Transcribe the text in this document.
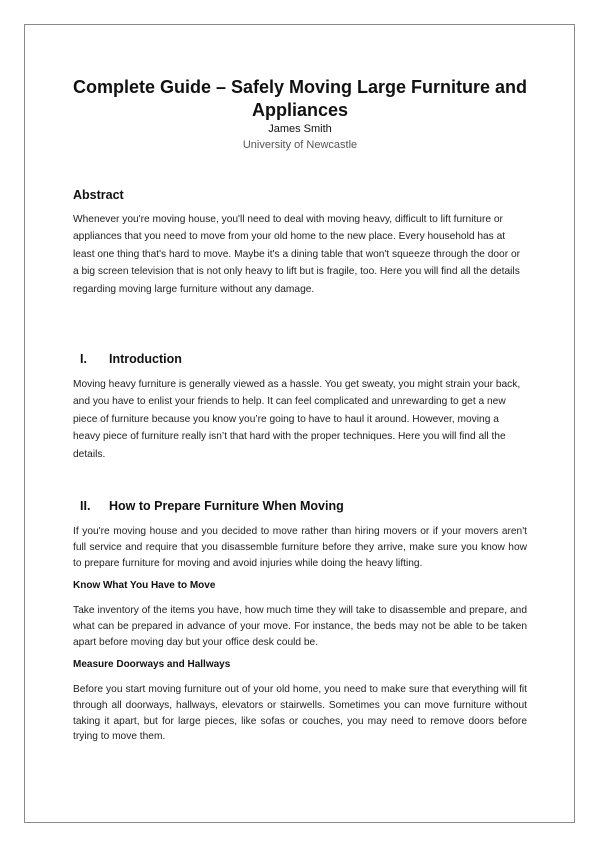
Complete Guide – Safely Moving Large Furniture and Appliances
James Smith
University of Newcastle
Abstract
Whenever you're moving house, you'll need to deal with moving heavy, difficult to lift furniture or appliances that you need to move from your old home to the new place. Every household has at least one thing that's hard to move. Maybe it's a dining table that won't squeeze through the door or a big screen television that is not only heavy to lift but is fragile, too. Here you will find all the details regarding moving large furniture without any damage.
I. Introduction
Moving heavy furniture is generally viewed as a hassle. You get sweaty, you might strain your back, and you have to enlist your friends to help. It can feel complicated and unrewarding to get a new piece of furniture because you know you’re going to have to haul it around. However, moving a heavy piece of furniture really isn’t that hard with the proper techniques. Here you will find all the details.
II. How to Prepare Furniture When Moving
If you're moving house and you decided to move rather than hiring movers or if your movers aren't full service and require that you disassemble furniture before they arrive, make sure you know how to prepare furniture for moving and avoid injuries while doing the heavy lifting.
Know What You Have to Move
Take inventory of the items you have, how much time they will take to disassemble and prepare, and what can be prepared in advance of your move. For instance, the beds may not be able to be taken apart before moving day but your office desk could be.
Measure Doorways and Hallways
Before you start moving furniture out of your old home, you need to make sure that everything will fit through all doorways, hallways, elevators or stairwells. Sometimes you can move furniture without taking it apart, but for large pieces, like sofas or couches, you may need to remove doors before trying to move them.
